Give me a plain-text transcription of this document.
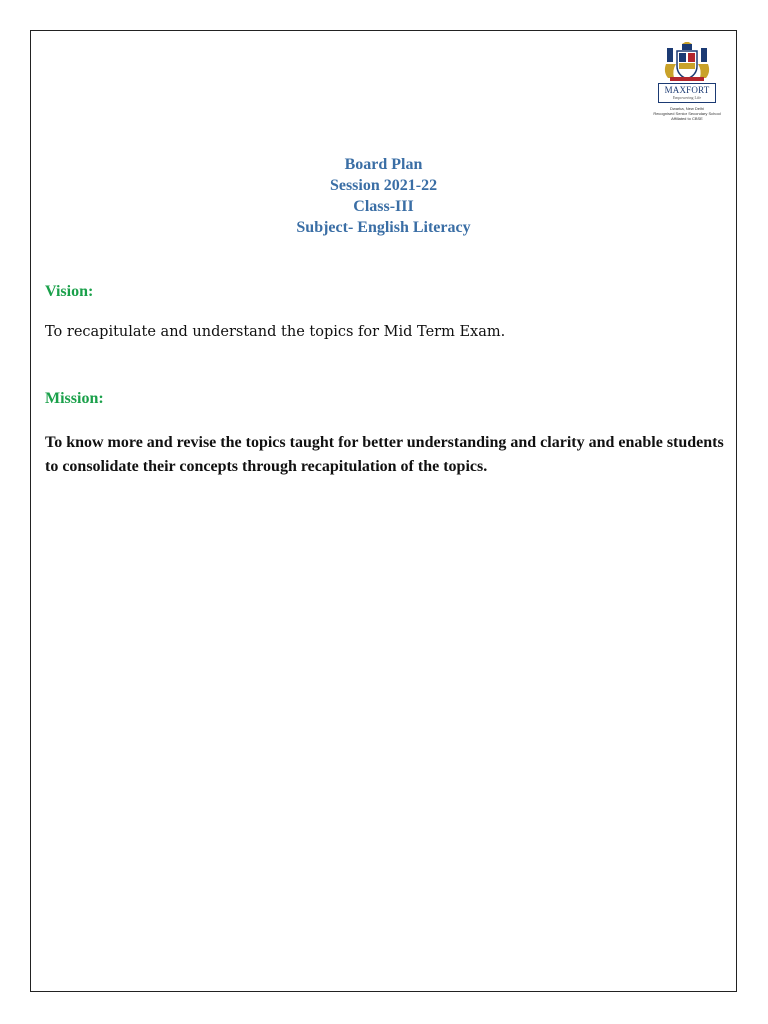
MAXFORT
Empowering Life
Dwarka, New Delhi
Recognised Senior Secondary School
Affiliated to CBSE
Board Plan
Session 2021-22
Class-III
Subject- English Literacy
Vision:
To recapitulate and understand the topics for Mid Term Exam.
Mission:
To know more and revise the topics taught for better understanding and clarity and enable students to consolidate their concepts through recapitulation of the topics.
